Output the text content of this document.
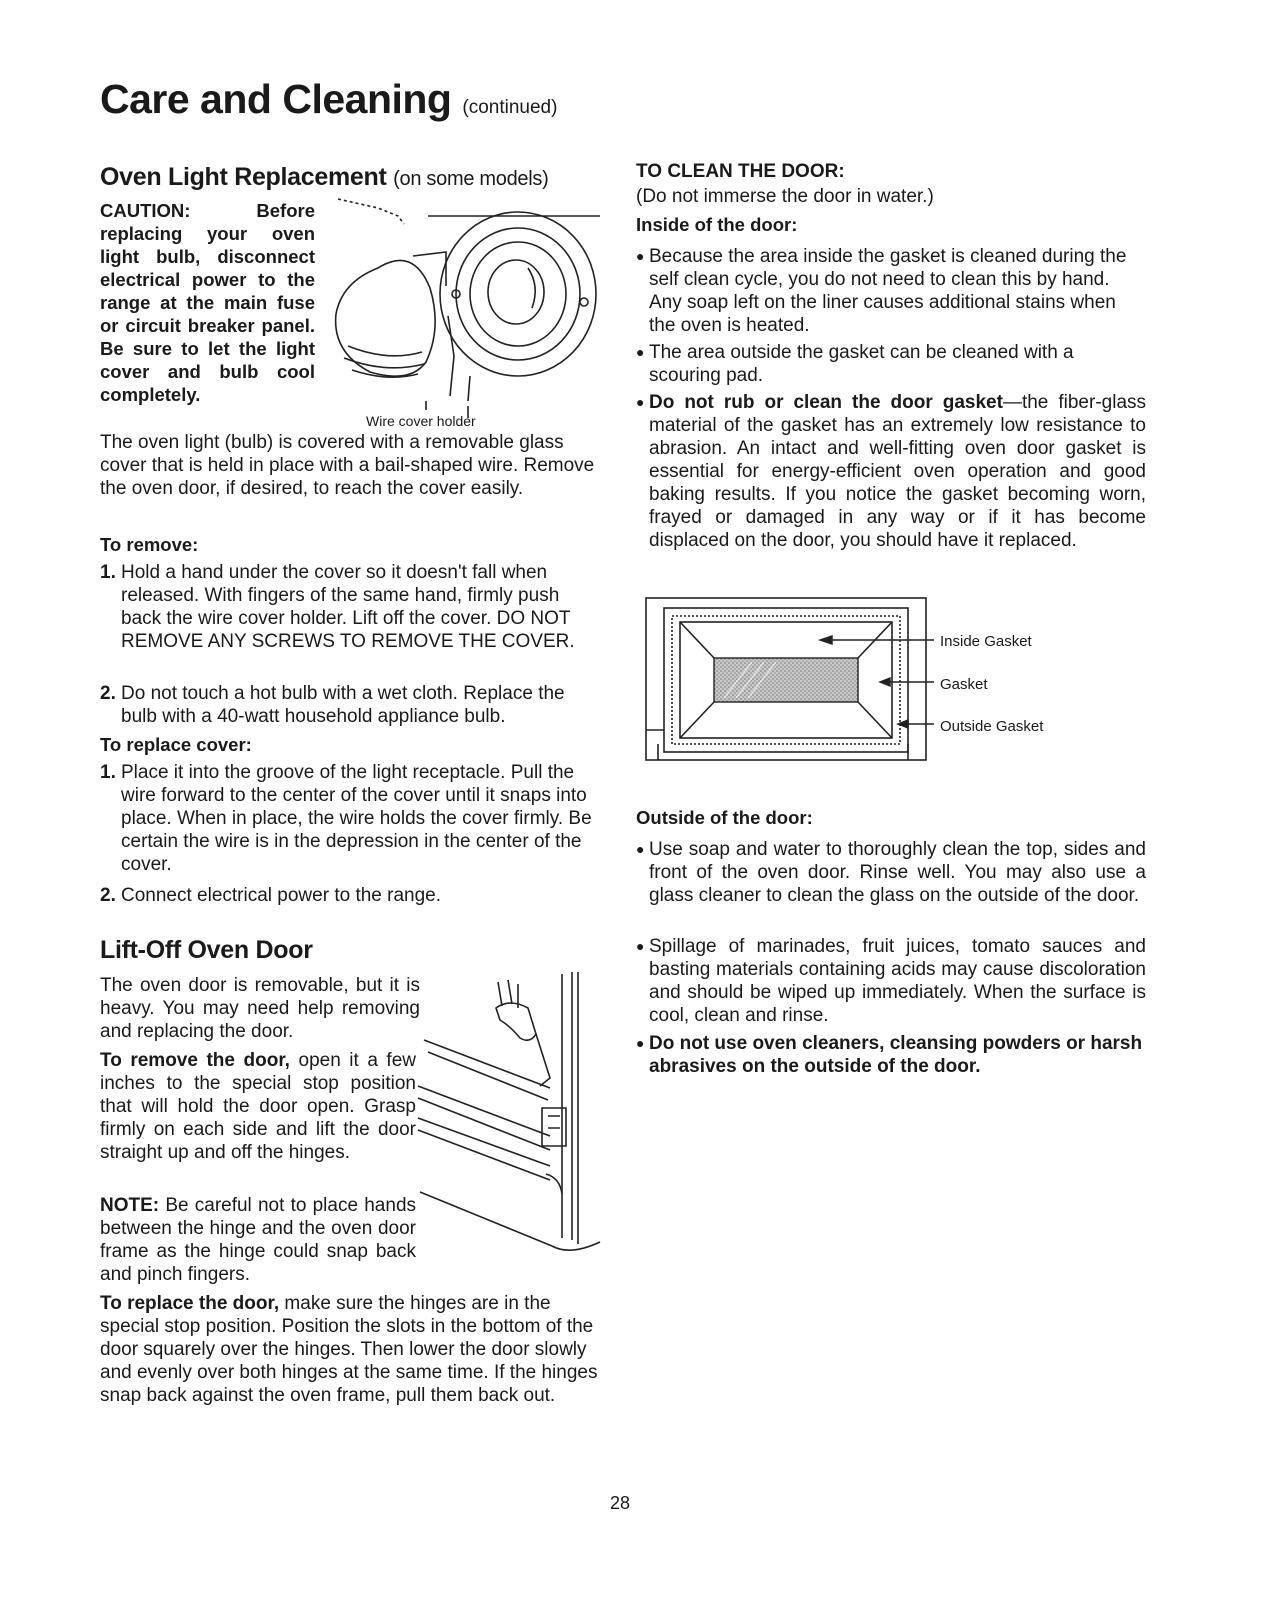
Care and Cleaning (continued)
Oven Light Replacement (on some models)
CAUTION: Before replacing your oven light bulb, disconnect electrical power to the range at the main fuse or circuit breaker panel. Be sure to let the light cover and bulb cool completely.
Wire cover holder

The oven light (bulb) is covered with a removable glass cover that is held in place with a bail-shaped wire. Remove the oven door, if desired, to reach the cover easily.

To remove:

1. Hold a hand under the cover so it doesn't fall when released. With fingers of the same hand, firmly push back the wire cover holder. Lift off the cover. DO NOT REMOVE ANY SCREWS TO REMOVE THE COVER.
2. Do not touch a hot bulb with a wet cloth. Replace the bulb with a 40-watt household appliance bulb.

To replace cover:

1. Place it into the groove of the light receptacle. Pull the wire forward to the center of the cover until it snaps into place. When in place, the wire holds the cover firmly. Be certain the wire is in the depression in the center of the cover.
2. Connect electrical power to the range.
Lift-Off Oven Door

The oven door is removable, but it is heavy. You may need help removing and replacing the door.

To remove the door, open it a few inches to the special stop position that will hold the door open. Grasp firmly on each side and lift the door straight up and off the hinges.

NOTE: Be careful not to place hands between the hinge and the oven door frame as the hinge could snap back and pinch fingers.

To replace the door, make sure the hinges are in the special stop position. Position the slots in the bottom of the door squarely over the hinges. Then lower the door slowly and evenly over both hinges at the same time. If the hinges snap back against the oven frame, pull them back out.

TO CLEAN THE DOOR:

(Do not immerse the door in water.)

Inside of the door:

● Because the area inside the gasket is cleaned during the self clean cycle, you do not need to clean this by hand. Any soap left on the liner causes additional stains when the oven is heated.
● The area outside the gasket can be cleaned with a scouring pad.
● Do not rub or clean the door gasket—the fiber-glass material of the gasket has an extremely low resistance to abrasion. An intact and well-fitting oven door gasket is essential for energy-efficient oven operation and good baking results. If you notice the gasket becoming worn, frayed or damaged in any way or if it has become displaced on the door, you should have it replaced.
Inside Gasket
Gasket
Outside Gasket

Outside of the door:

● Use soap and water to thoroughly clean the top, sides and front of the oven door. Rinse well. You may also use a glass cleaner to clean the glass on the outside of the door.
● Spillage of marinades, fruit juices, tomato sauces and basting materials containing acids may cause discoloration and should be wiped up immediately. When the surface is cool, clean and rinse.
● Do not use oven cleaners, cleansing powders or harsh abrasives on the outside of the door.
28
